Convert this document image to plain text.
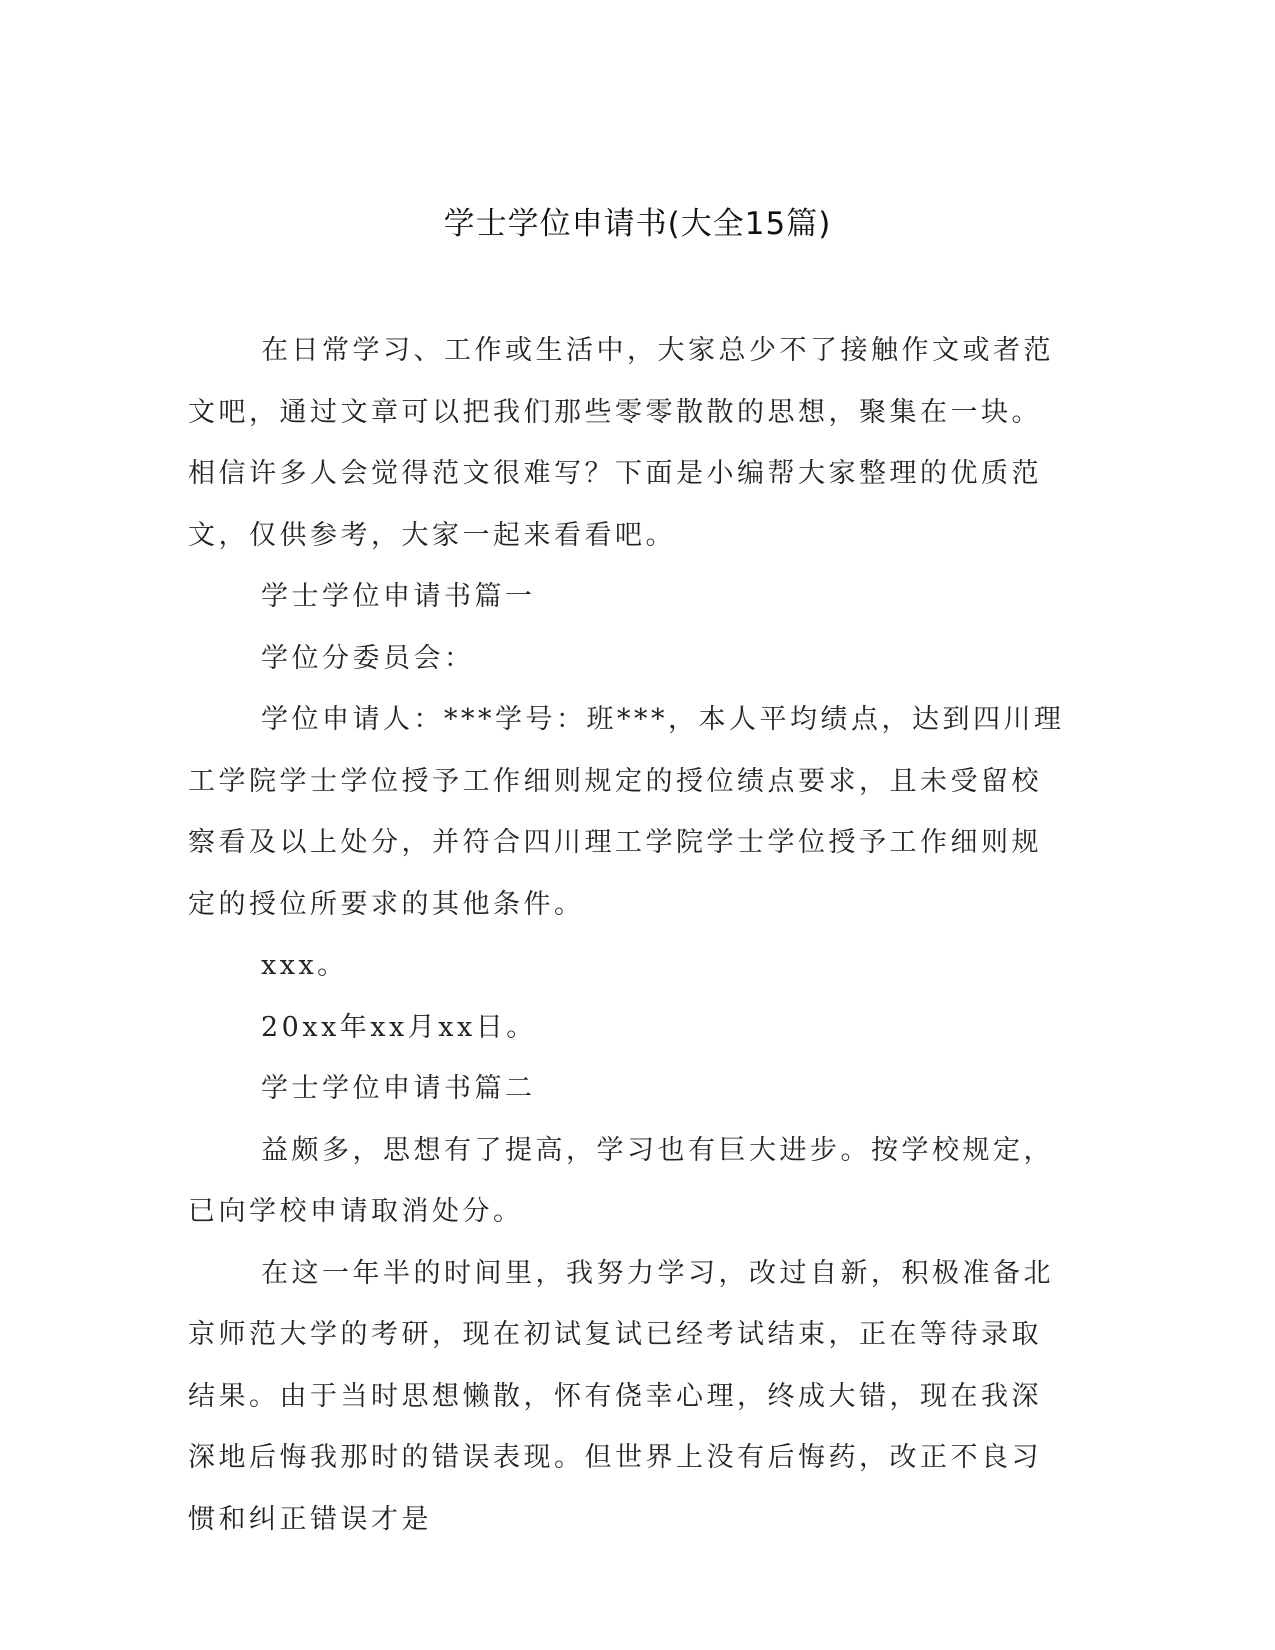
学士学位申请书(大全15篇)

在日常学习、工作或生活中，大家总少不了接触作文或者范文吧，通过文章可以把我们那些零零散散的思想，聚集在一块。相信许多人会觉得范文很难写？下面是小编帮大家整理的优质范文，仅供参考，大家一起来看看吧。

学士学位申请书篇一

学位分委员会：

学位申请人：***学号：班***，本人平均绩点，达到四川理工学院学士学位授予工作细则规定的授位绩点要求，且未受留校察看及以上处分，并符合四川理工学院学士学位授予工作细则规定的授位所要求的其他条件。

xxx。

20xx年xx月xx日。

学士学位申请书篇二

益颇多，思想有了提高，学习也有巨大进步。按学校规定，已向学校申请取消处分。

在这一年半的时间里，我努力学习，改过自新，积极准备北京师范大学的考研，现在初试复试已经考试结束，正在等待录取结果。由于当时思想懒散，怀有侥幸心理，终成大错，现在我深深地后悔我那时的错误表现。但世界上没有后悔药，改正不良习惯和纠正错误才是
